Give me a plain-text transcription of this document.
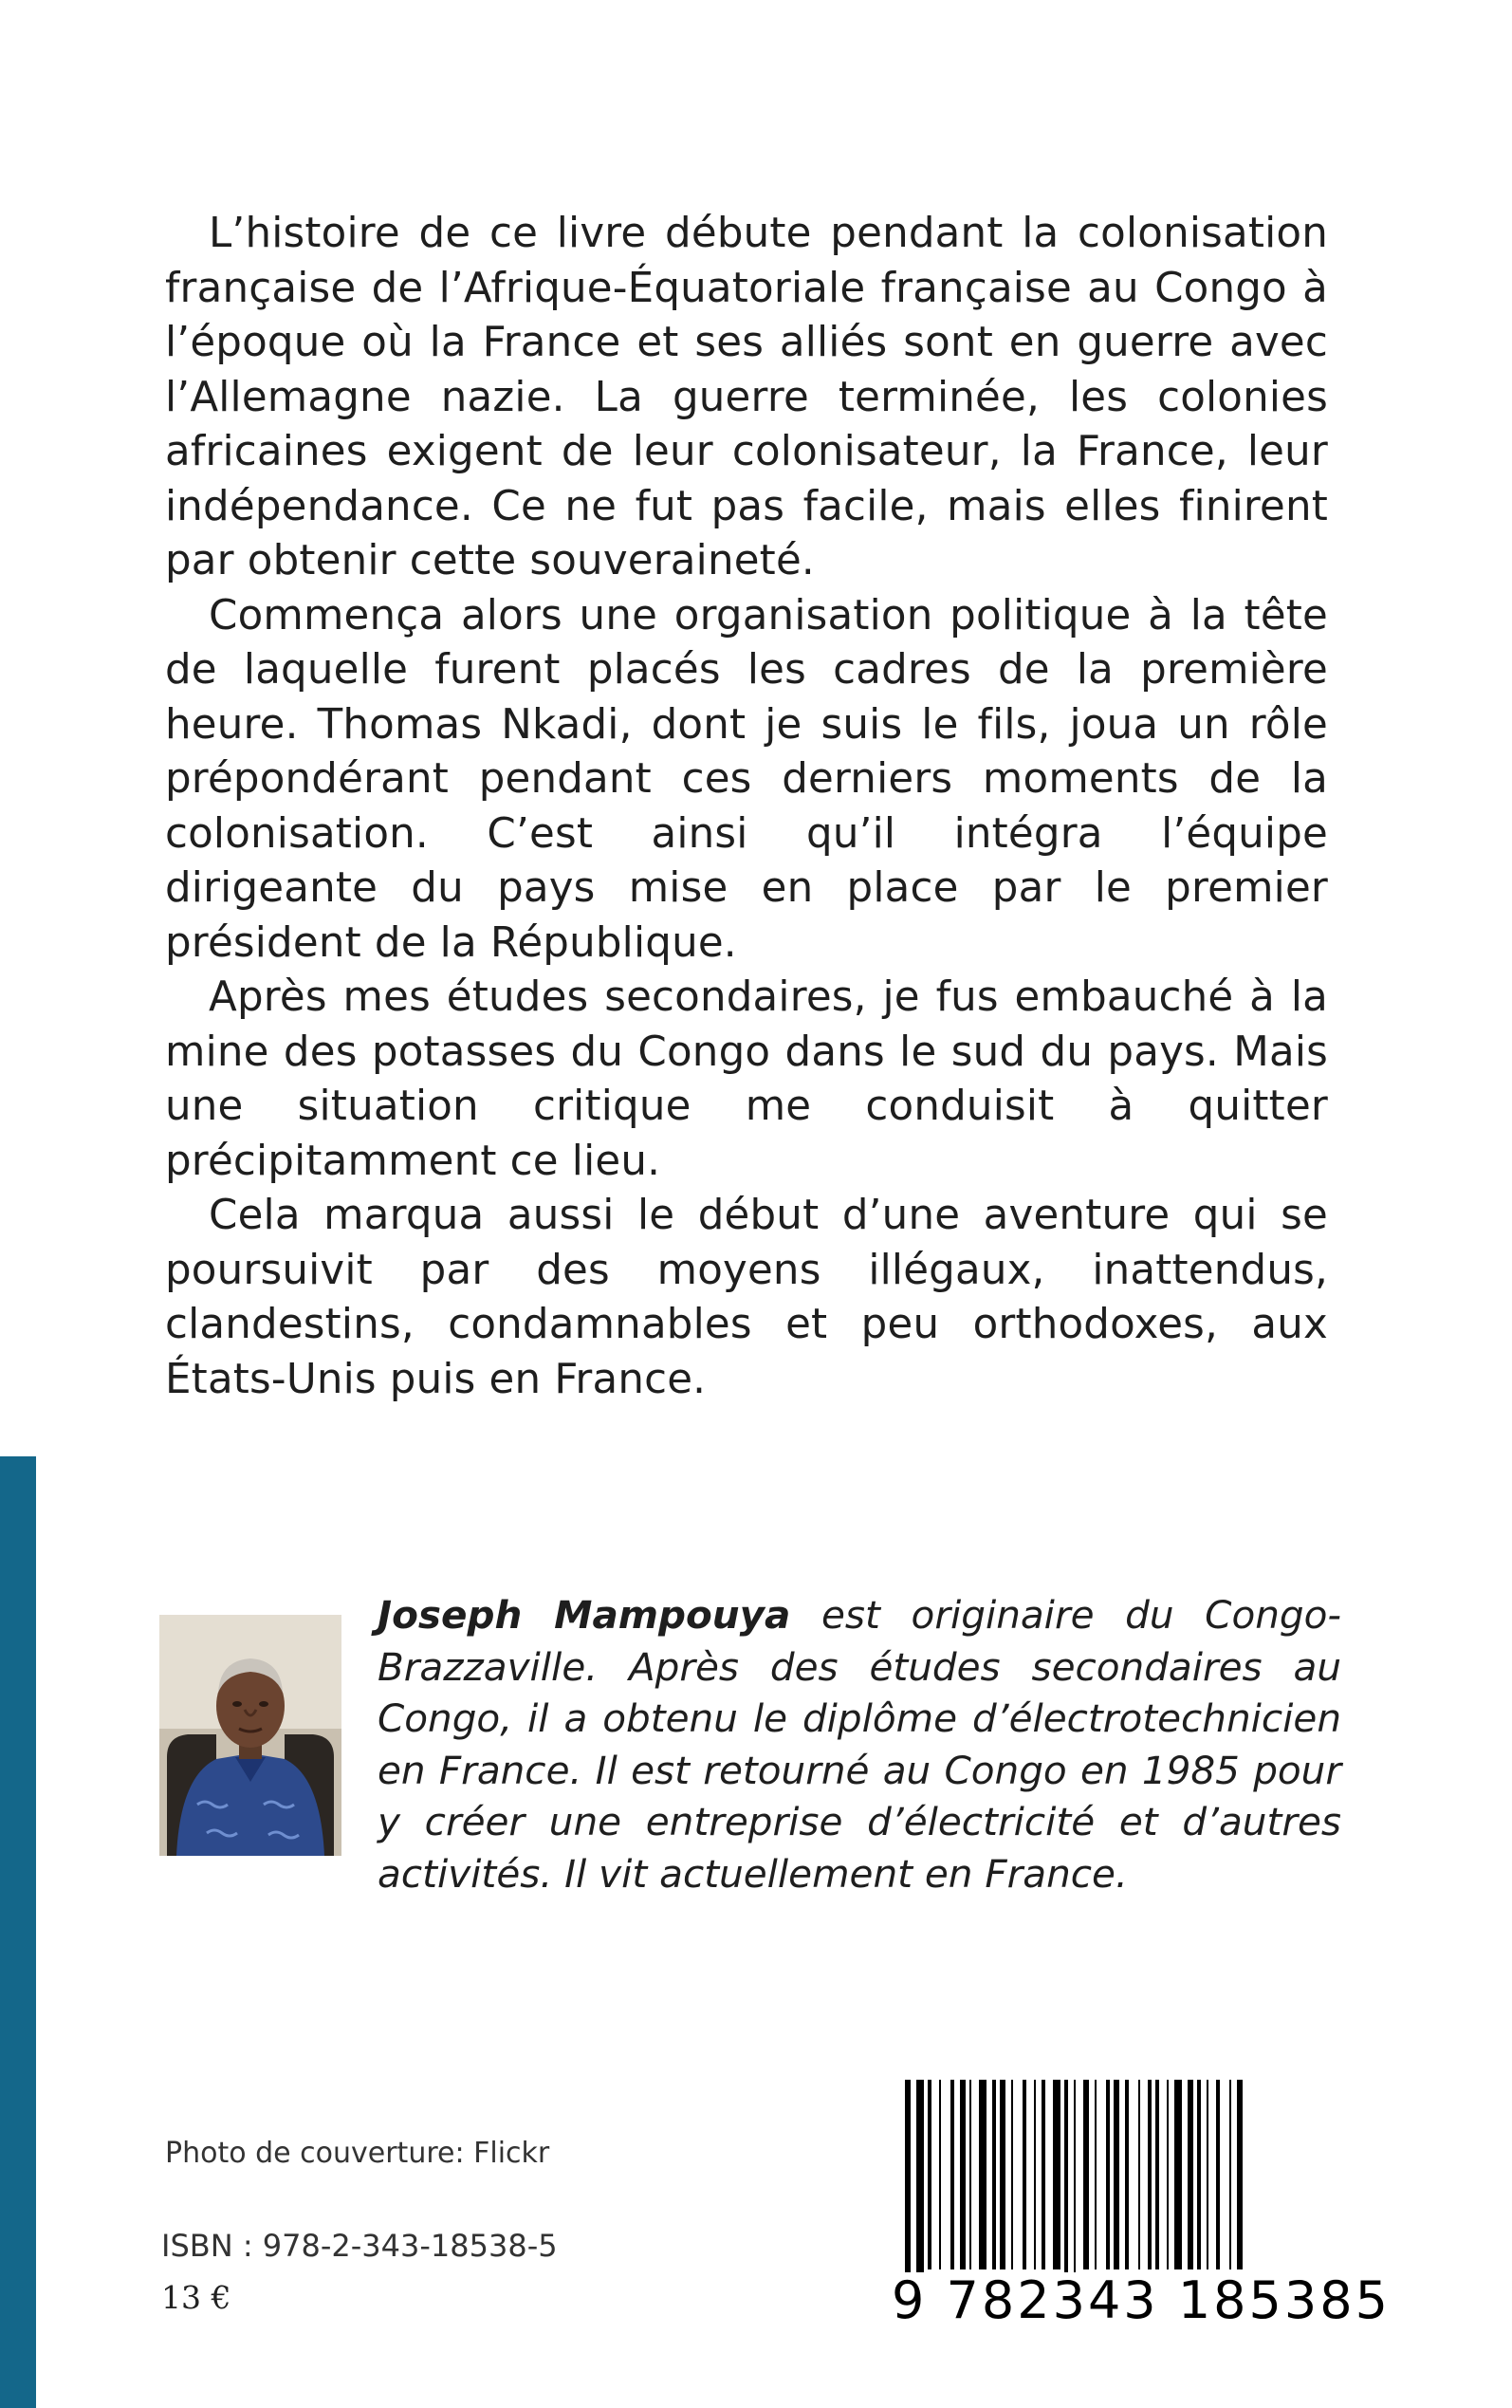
L’histoire de ce livre débute pendant la colonisation française de l’Afrique-Équatoriale française au Congo à l’époque où la France et ses alliés sont en guerre avec l’Allemagne nazie. La guerre terminée, les colonies africaines exigent de leur colonisateur, la France, leur indépendance. Ce ne fut pas facile, mais elles finirent par obtenir cette souveraineté.

Commença alors une organisation politique à la tête de laquelle furent placés les cadres de la première heure. Thomas Nkadi, dont je suis le fils, joua un rôle prépondérant pendant ces derniers moments de la colonisation. C’est ainsi qu’il intégra l’équipe dirigeante du pays mise en place par le premier président de la République.

Après mes études secondaires, je fus embauché à la mine des potasses du Congo dans le sud du pays. Mais une situation critique me conduisit à quitter précipitamment ce lieu.

Cela marqua aussi le début d’une aventure qui se poursuivit par des moyens illégaux, inattendus, clandestins, condamnables et peu orthodoxes, aux États-Unis puis en France.

Joseph Mampouya est originaire du Congo-Brazzaville. Après des études secondaires au Congo, il a obtenu le diplôme d’électrotechnicien en France. Il est retourné au Congo en 1985 pour y créer une entreprise d’électricité et d’autres activités. Il vit actuellement en France.
Photo de couverture: Flickr
ISBN : 978-2-343-18538-5
13 €	9 782343 185385
